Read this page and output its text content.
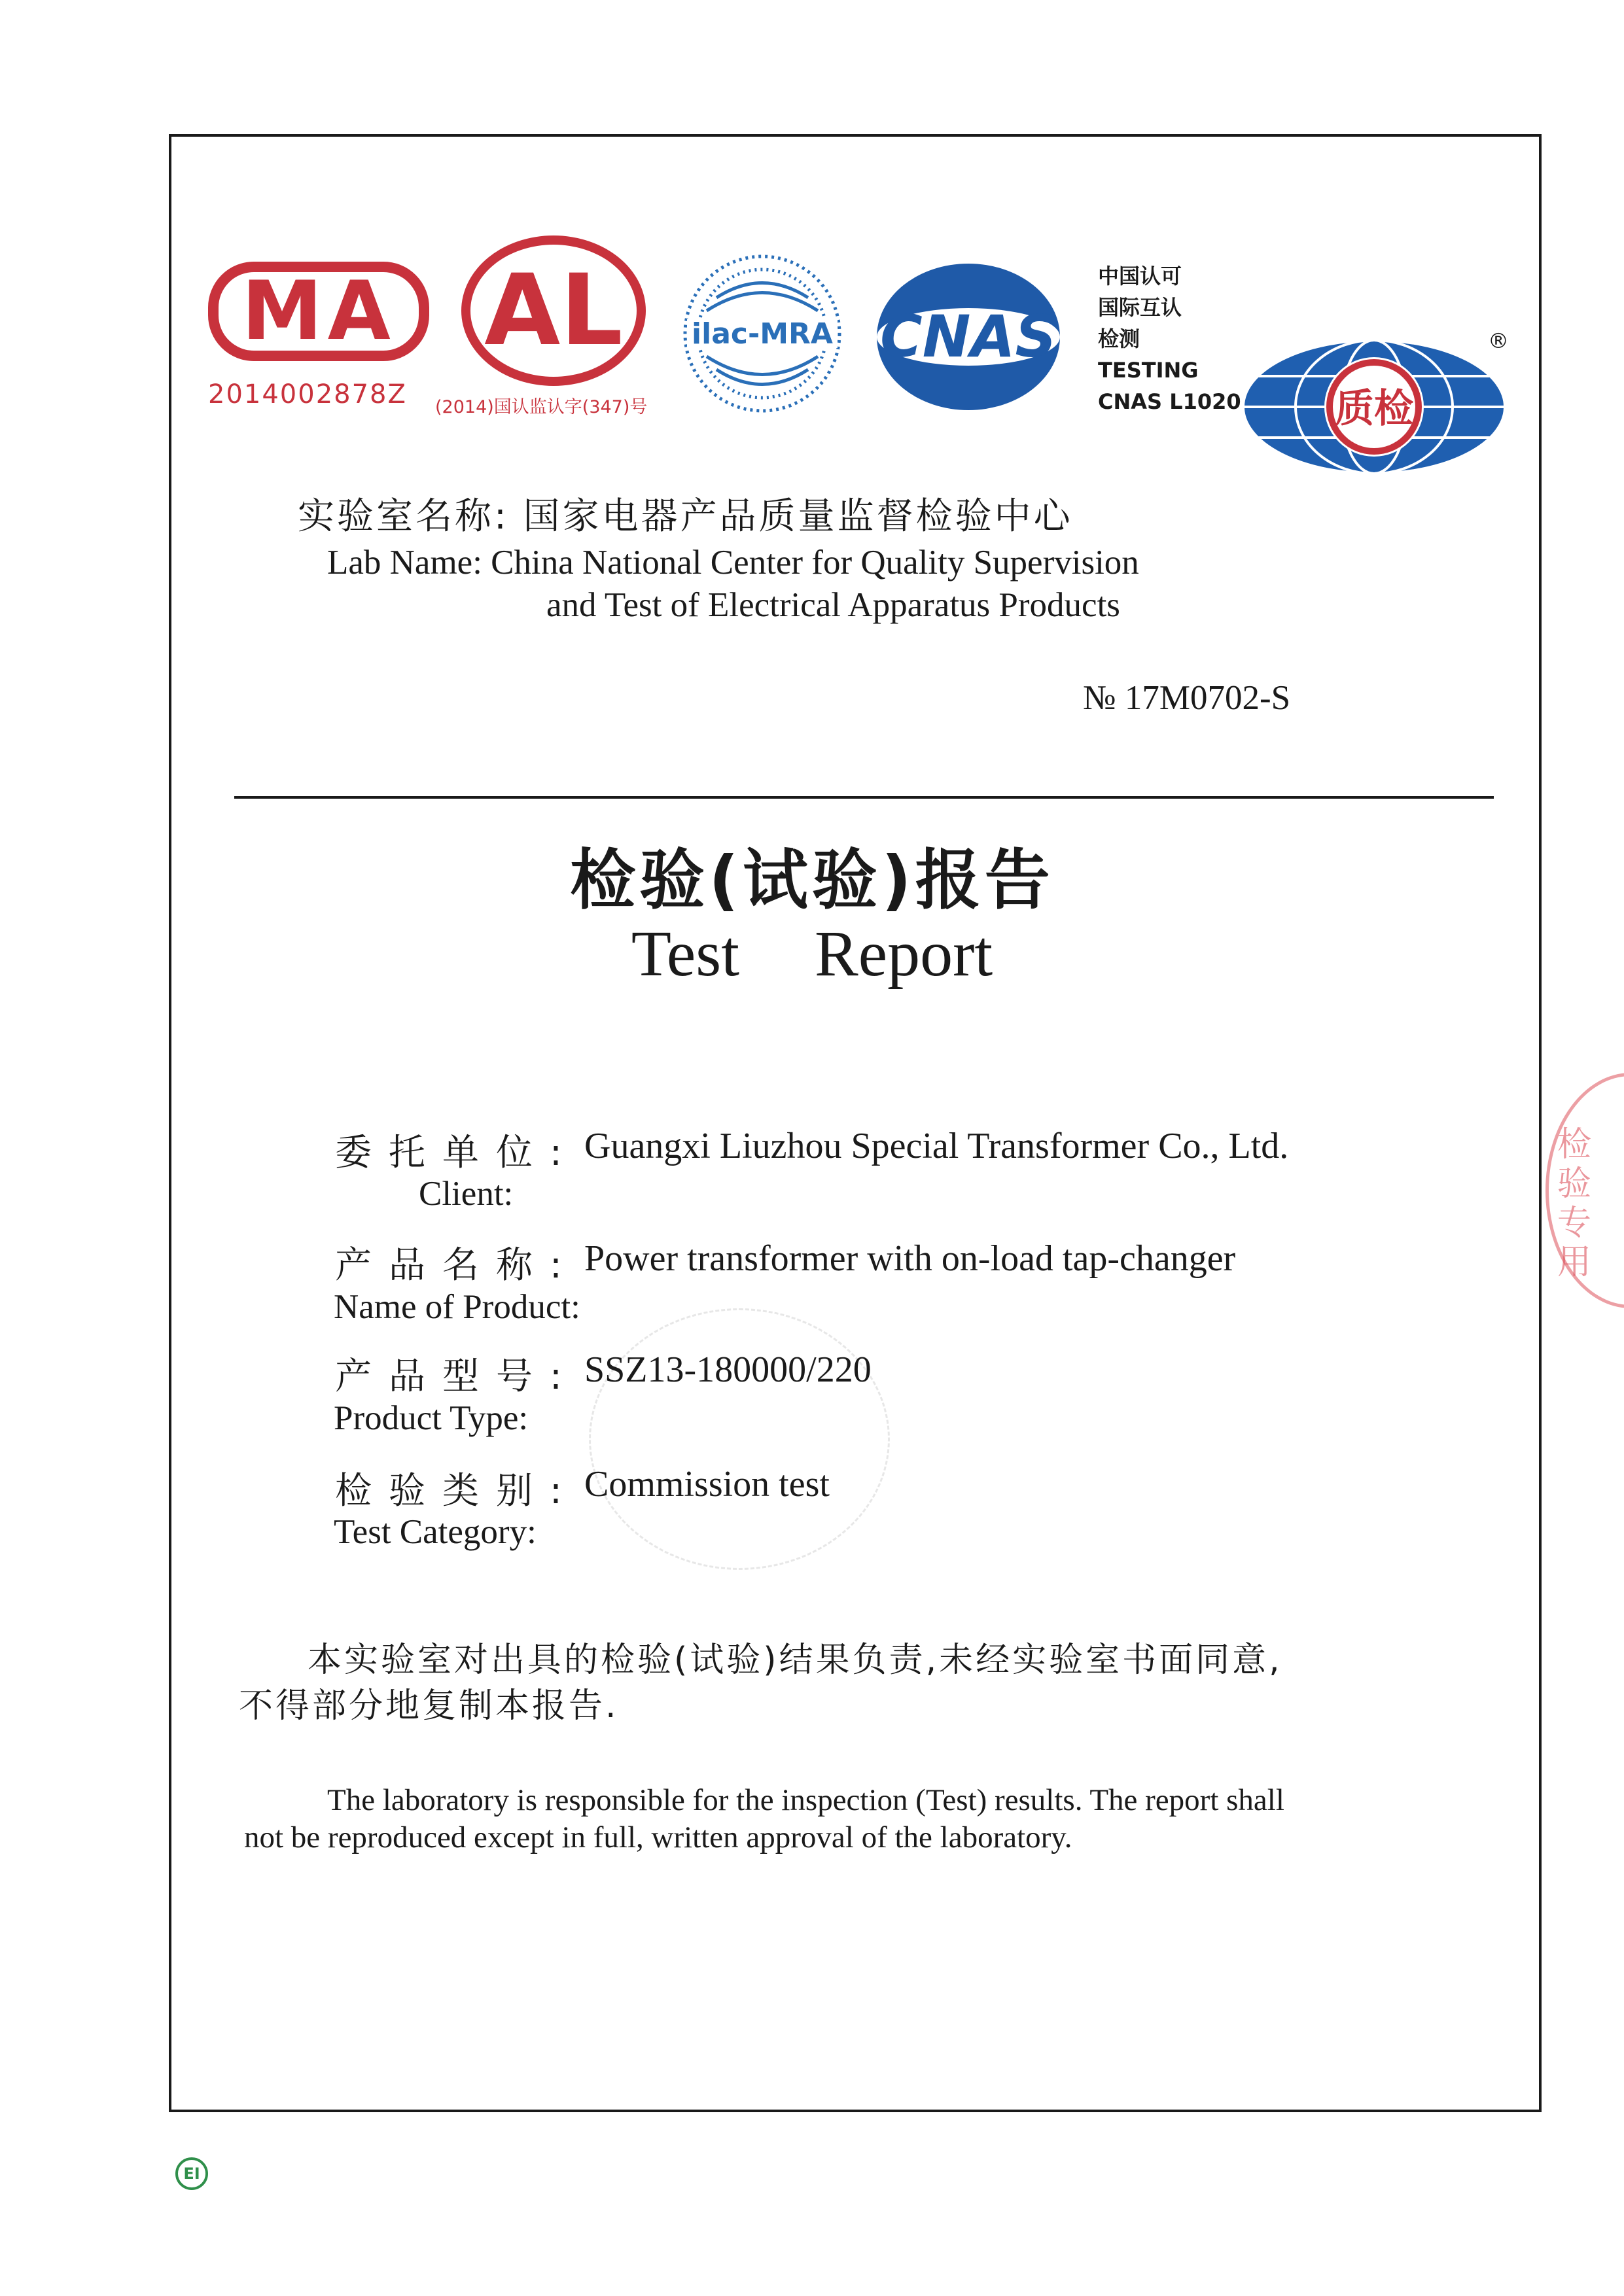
MA
2014002878Z
AL
(2014)国认监认字(347)号
ilac-MRA CNAS
中国认可
国际互认
检测
TESTING
CNAS L1020 质检
®
实验室名称: 国家电器产品质量监督检验中心
Lab Name: China National Center for Quality Supervision
and Test of Electrical Apparatus Products
№ 17M0702-S
检验(试验)报告
Test Report
委托单位: Guangxi Liuzhou Special Transformer Co., Ltd.
Client:
产品名称: Power transformer with on-load tap-changer
Name of Product:
产品型号: SSZ13-180000/220
Product Type:
检验类别: Commission test
Test Category:
本实验室对出具的检验(试验)结果负责,未经实验室书面同意,
不得部分地复制本报告.
The laboratory is responsible for the inspection (Test) results. The report shall
not be reproduced except in full, written approval of the laboratory.
检验专用
EI
